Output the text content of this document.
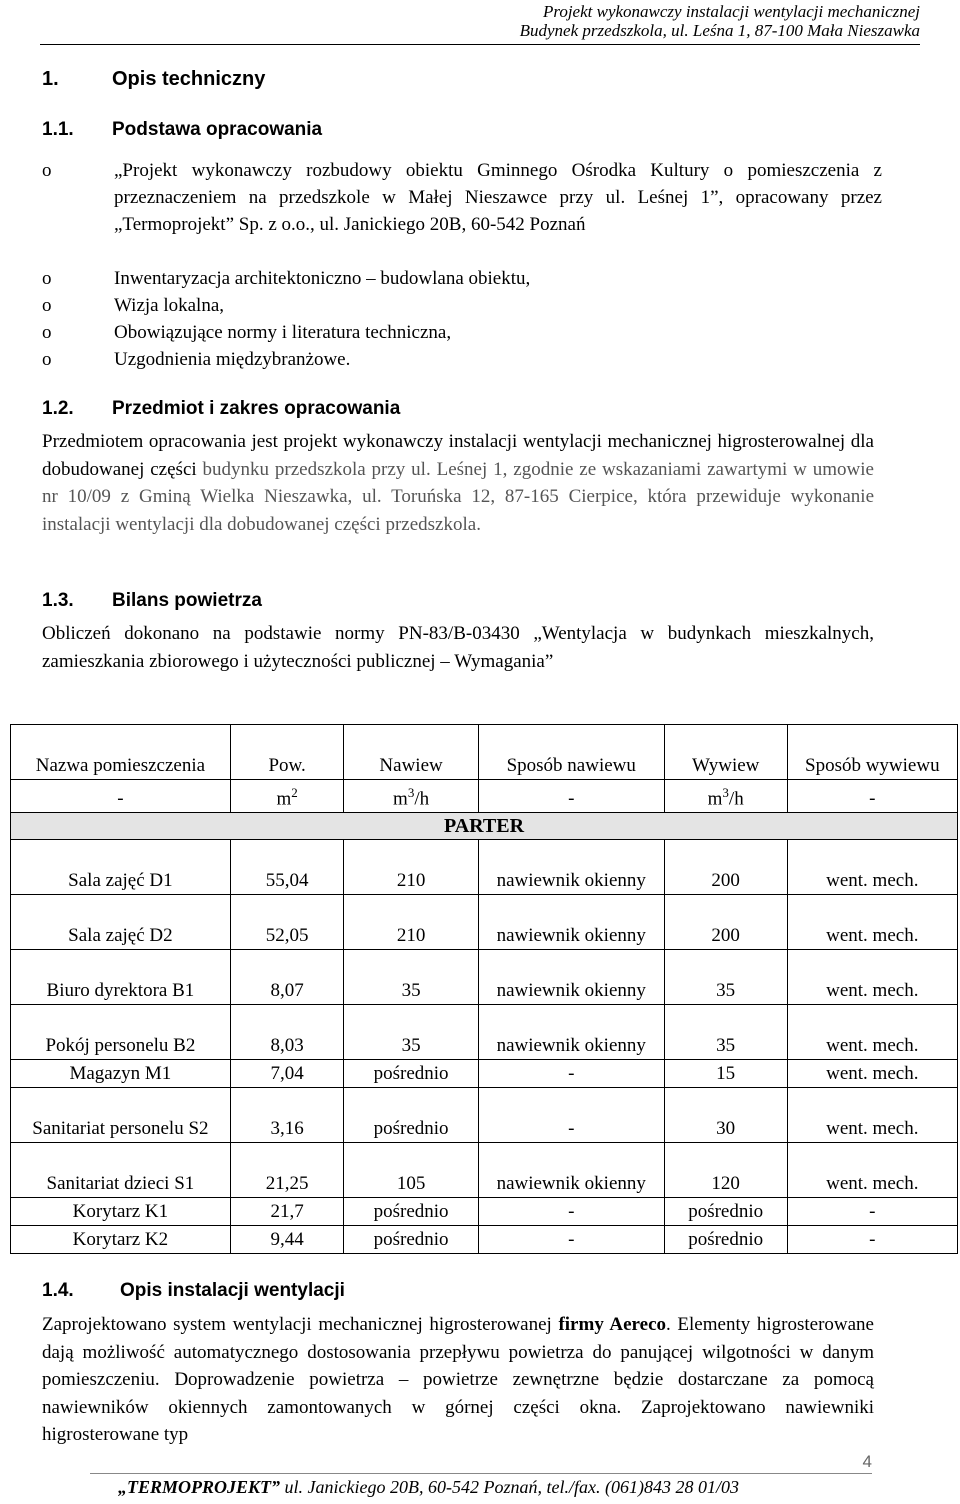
Projekt wykonawczy instalacji wentylacji mechanicznej
Budynek przedszkola, ul. Leśna 1, 87-100 Mała Nieszawka
1.	Opis techniczny
1.1. Podstawa opracowania
o	„Projekt wykonawczy rozbudowy obiektu Gminnego Ośrodka Kultury o pomieszczenia z przeznaczeniem na przedszkole w Małej Nieszawce przy ul. Leśnej 1”, opracowany przez „Termoprojekt” Sp. z o.o., ul. Janickiego 20B, 60-542 Poznań
o	Inwentaryzacja architektoniczno – budowlana obiektu,
o	Wizja lokalna,
o	Obowiązujące normy i literatura techniczna,
o	Uzgodnienia międzybranżowe.
1.2. Przedmiot i zakres opracowania
Przedmiotem opracowania jest projekt wykonawczy instalacji wentylacji mechanicznej higrosterowalnej dla dobudowanej części budynku przedszkola przy ul. Leśnej 1, zgodnie ze wskazaniami zawartymi w umowie nr 10/09 z Gminą Wielka Nieszawka, ul. Toruńska 12, 87-165 Cierpice, która przewiduje wykonanie instalacji wentylacji dla dobudowanej części przedszkola.
1.3. Bilans powietrza
Obliczeń dokonano na podstawie normy PN-83/B-03430 „Wentylacja w budynkach mieszkalnych, zamieszkania zbiorowego i użyteczności publicznej – Wymagania”
Nazwa pomieszczenia	Pow.	Nawiew	Sposób nawiewu	Wywiew	Sposób wywiewu
-	$m^2$	$m^3/h$	-	$m^3/h$	-
PARTER					
Sala zajęć D1	55,04	210	nawiewnik okienny	200	went. mech.
Sala zajęć D2	52,05	210	nawiewnik okienny	200	went. mech.
Biuro dyrektora B1	8,07	35	nawiewnik okienny	35	went. mech.
Pokój personelu B2	8,03	35	nawiewnik okienny	35	went. mech.
Magazyn M1	7,04	pośrednio	-	15	went. mech.
Sanitariat personelu S2	3,16	pośrednio	-	30	went. mech.
Sanitariat dzieci S1	21,25	105	nawiewnik okienny	120	went. mech.
Korytarz K1	21,7	pośrednio	-	pośrednio	-
Korytarz K2	9,44	pośrednio	-	pośrednio	-
1.4. Opis instalacji wentylacji
Zaprojektowano system wentylacji mechanicznej higrosterowanej firmy Aereco. Elementy higrosterowane dają możliwość automatycznego dostosowania przepływu powietrza do panującej wilgotności w danym pomieszczeniu. Doprowadzenie powietrza – powietrze zewnętrzne będzie dostarczane za pomocą nawiewników okiennych zamontowanych w górnej części okna. Zaprojektowano nawiewniki higrosterowane typ
4
„TERMOPROJEKT” ul. Janickiego 20B, 60-542 Poznań, tel./fax. (061)843 28 01/03
